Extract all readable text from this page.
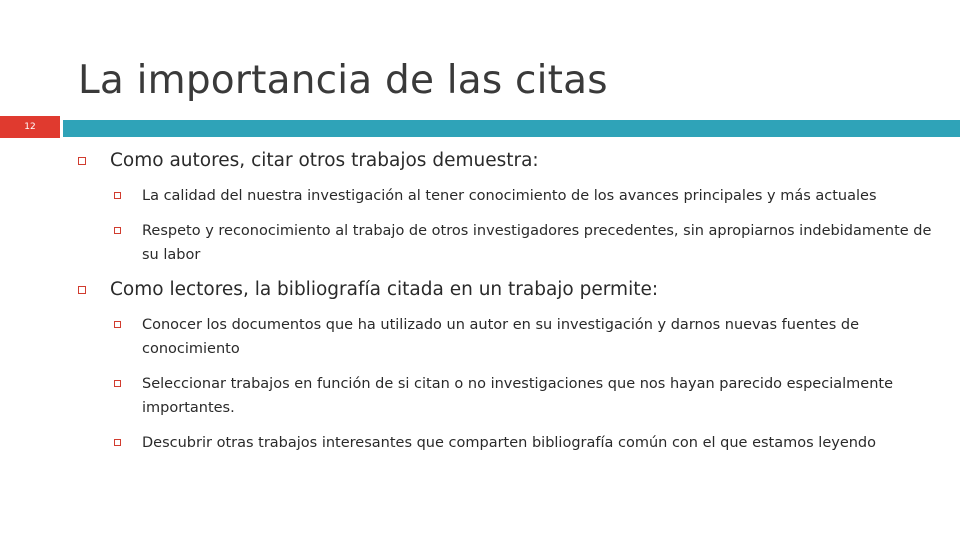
La importancia de las citas
12
Como autores, citar otros trabajos demuestra:
La calidad del nuestra investigación al tener conocimiento de los avances principales y más actuales
Respeto y reconocimiento al trabajo de otros investigadores precedentes, sin apropiarnos indebidamente de su labor
Como lectores, la bibliografía citada en un trabajo permite:
Conocer los documentos que ha utilizado un autor en su investigación y darnos nuevas fuentes de conocimiento
Seleccionar trabajos en función de si citan o no investigaciones que nos hayan parecido especialmente importantes.
Descubrir otras trabajos interesantes que comparten bibliografía común con el que estamos leyendo
